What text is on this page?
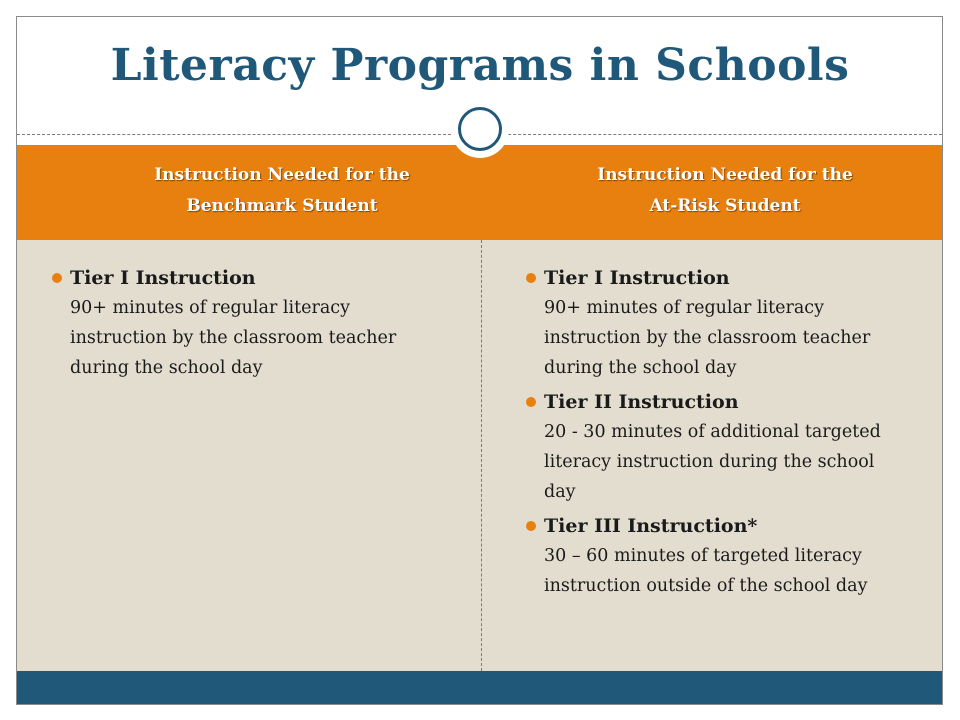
Literacy Programs in Schools
Instruction Needed for the
Benchmark Student
Instruction Needed for the
At-Risk Student
Tier I Instruction
90+ minutes of regular literacy instruction by the classroom teacher during the school day
Tier I Instruction
90+ minutes of regular literacy instruction by the classroom teacher during the school day
Tier II Instruction
20 - 30 minutes of additional targeted literacy instruction during the school day
Tier III Instruction*
30 – 60 minutes of targeted literacy instruction outside of the school day
